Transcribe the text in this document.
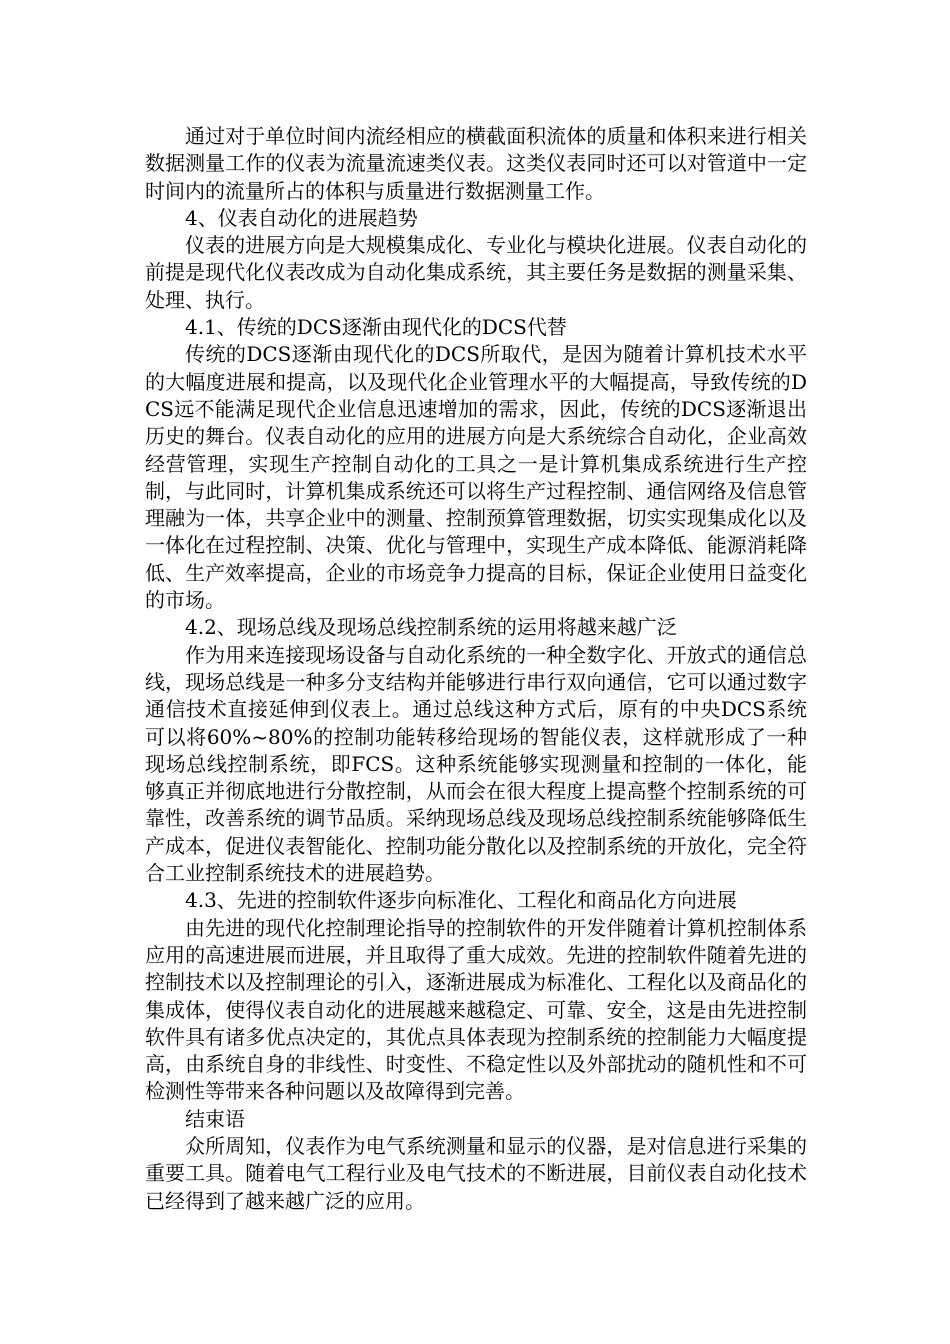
通过对于单位时间内流经相应的横截面积流体的质量和体积来进行相关数据测量工作的仪表为流量流速类仪表。这类仪表同时还可以对管道中一定时间内的流量所占的体积与质量进行数据测量工作。

4、仪表自动化的进展趋势

仪表的进展方向是大规模集成化、专业化与模块化进展。仪表自动化的前提是现代化仪表改成为自动化集成系统，其主要任务是数据的测量采集、处理、执行。

4.1、传统的DCS逐渐由现代化的DCS代替

传统的DCS逐渐由现代化的DCS所取代，是因为随着计算机技术水平的大幅度进展和提高，以及现代化企业管理水平的大幅提高，导致传统的DCS远不能满足现代企业信息迅速增加的需求，因此，传统的DCS逐渐退出历史的舞台。仪表自动化的应用的进展方向是大系统综合自动化，企业高效经营管理，实现生产控制自动化的工具之一是计算机集成系统进行生产控制，与此同时，计算机集成系统还可以将生产过程控制、通信网络及信息管理融为一体，共享企业中的测量、控制预算管理数据，切实实现集成化以及一体化在过程控制、决策、优化与管理中，实现生产成本降低、能源消耗降低、生产效率提高，企业的市场竞争力提高的目标，保证企业使用日益变化的市场。

4.2、现场总线及现场总线控制系统的运用将越来越广泛

作为用来连接现场设备与自动化系统的一种全数字化、开放式的通信总线，现场总线是一种多分支结构并能够进行串行双向通信，它可以通过数字通信技术直接延伸到仪表上。通过总线这种方式后，原有的中央DCS系统可以将60%~80%的控制功能转移给现场的智能仪表，这样就形成了一种现场总线控制系统，即FCS。这种系统能够实现测量和控制的一体化，能够真正并彻底地进行分散控制，从而会在很大程度上提高整个控制系统的可靠性，改善系统的调节品质。采纳现场总线及现场总线控制系统能够降低生产成本，促进仪表智能化、控制功能分散化以及控制系统的开放化，完全符合工业控制系统技术的进展趋势。

4.3、先进的控制软件逐步向标准化、工程化和商品化方向进展

由先进的现代化控制理论指导的控制软件的开发伴随着计算机控制体系应用的高速进展而进展，并且取得了重大成效。先进的控制软件随着先进的控制技术以及控制理论的引入，逐渐进展成为标准化、工程化以及商品化的集成体，使得仪表自动化的进展越来越稳定、可靠、安全，这是由先进控制软件具有诸多优点决定的，其优点具体表现为控制系统的控制能力大幅度提高，由系统自身的非线性、时变性、不稳定性以及外部扰动的随机性和不可检测性等带来各种问题以及故障得到完善。

结束语

众所周知，仪表作为电气系统测量和显示的仪器，是对信息进行采集的重要工具。随着电气工程行业及电气技术的不断进展，目前仪表自动化技术已经得到了越来越广泛的应用。
